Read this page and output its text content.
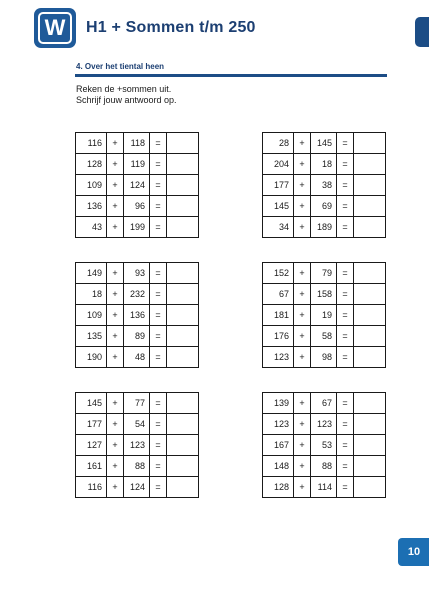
W	H1 + Sommen t/m 250
4. Over het tiental heen
Reken de +sommen uit.
Schrijf jouw antwoord op.
116	+	118	=	
128	+	119	=	
109	+	124	=	
136	+	96	=	
43	+	199	=	
28	+	145	=	
204	+	18	=	
177	+	38	=	
145	+	69	=	
34	+	189	=	
149	+	93	=	
18	+	232	=	
109	+	136	=	
135	+	89	=	
190	+	48	=	
152	+	79	=	
67	+	158	=	
181	+	19	=	
176	+	58	=	
123	+	98	=	
145	+	77	=	
177	+	54	=	
127	+	123	=	
161	+	88	=	
116	+	124	=	
139	+	67	=	
123	+	123	=	
167	+	53	=	
148	+	88	=	
128	+	114	=	
10
